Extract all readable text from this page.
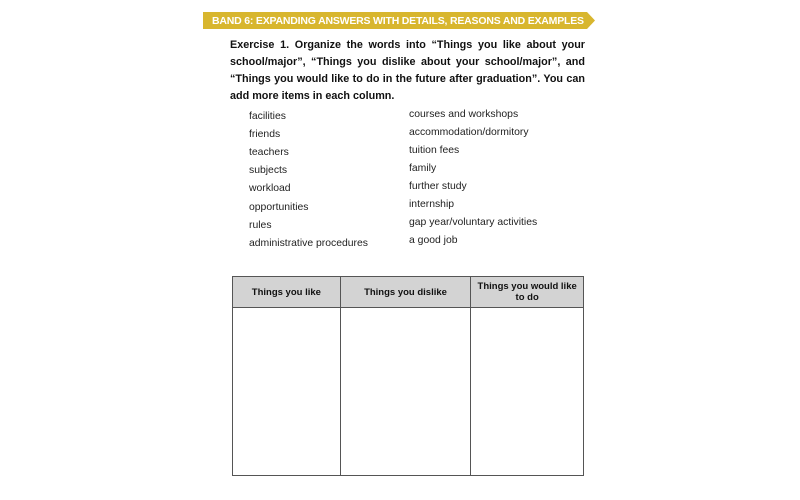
BAND 6: EXPANDING ANSWERS WITH DETAILS, REASONS AND EXAMPLES

Exercise 1. Organize the words into “Things you like about your school/major”, “Things you dislike about your school/major”, and “Things you would like to do in the future after graduation”. You can add more items in each column.

facilities
friends
teachers
subjects
workload
opportunities
rules
administrative procedures
courses and workshops
accommodation/dormitory
tuition fees
family
further study
internship
gap year/voluntary activities
a good job
Things you like	Things you dislike	Things you would like to do
